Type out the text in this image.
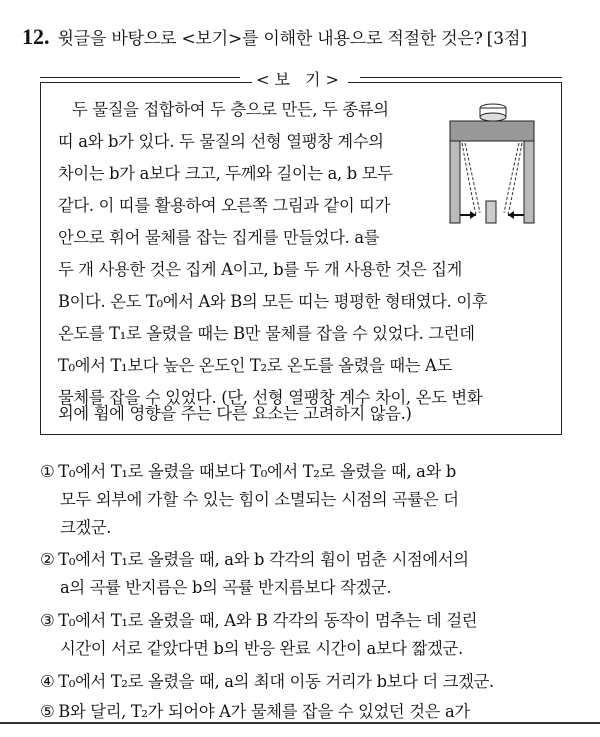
12. 윗글을 바탕으로 <보기>를 이해한 내용으로 적절한 것은? [3점]
<보 기>
두 물질을 접합하여 두 층으로 만든, 두 종류의
띠 a와 b가 있다. 두 물질의 선형 열팽창 계수의
차이는 b가 a보다 크고, 두께와 길이는 a, b 모두
같다. 이 띠를 활용하여 오른쪽 그림과 같이 띠가
안으로 휘어 물체를 잡는 집게를 만들었다. a를
두 개 사용한 것은 집게 A이고, b를 두 개 사용한 것은 집게
B이다. 온도 T₀에서 A와 B의 모든 띠는 평평한 형태였다. 이후
온도를 T₁로 올렸을 때는 B만 물체를 잡을 수 있었다. 그런데
T₀에서 T₁보다 높은 온도인 T₂로 온도를 올렸을 때는 A도
물체를 잡을 수 있었다. (단, 선형 열팽창 계수 차이, 온도 변화
외에 휨에 영향을 주는 다른 요소는 고려하지 않음.)
① T₀에서 T₁로 올렸을 때보다 T₀에서 T₂로 올렸을 때, a와 b
모두 외부에 가할 수 있는 힘이 소멸되는 시점의 곡률은 더
크겠군.
② T₀에서 T₁로 올렸을 때, a와 b 각각의 휨이 멈춘 시점에서의
a의 곡률 반지름은 b의 곡률 반지름보다 작겠군.
③ T₀에서 T₁로 올렸을 때, A와 B 각각의 동작이 멈추는 데 걸린
시간이 서로 같았다면 b의 반응 완료 시간이 a보다 짧겠군.
④ T₀에서 T₂로 올렸을 때, a의 최대 이동 거리가 b보다 더 크겠군.
⑤ B와 달리, T₂가 되어야 A가 물체를 잡을 수 있었던 것은 a가
